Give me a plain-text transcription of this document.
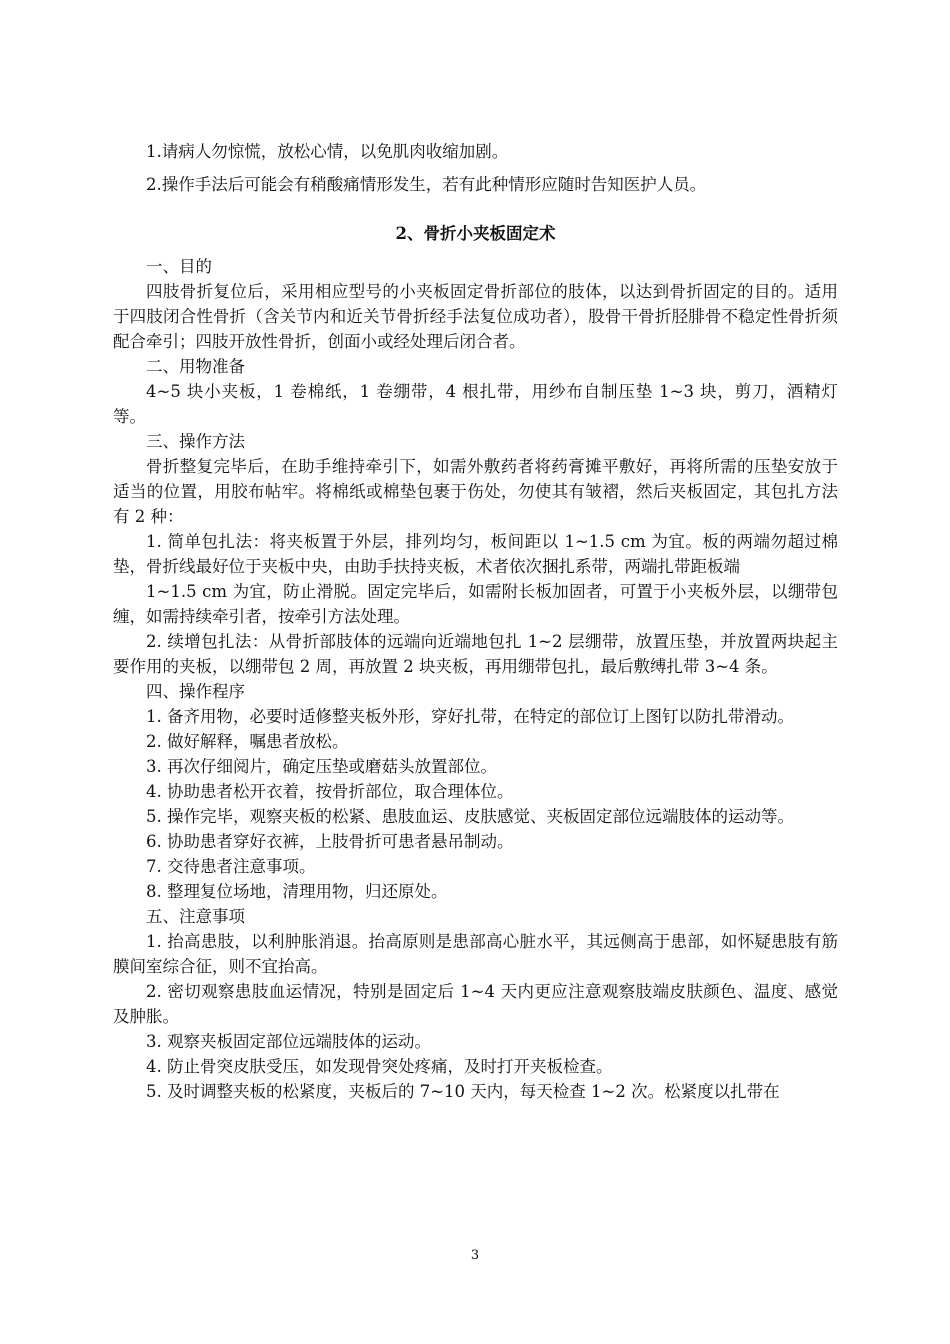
1.请病人勿惊慌，放松心情，以免肌肉收缩加剧。

2.操作手法后可能会有稍酸痛情形发生，若有此种情形应随时告知医护人员。

2、骨折小夹板固定术

一、目的

四肢骨折复位后，采用相应型号的小夹板固定骨折部位的肢体，以达到骨折固定的目的。适用于四肢闭合性骨折（含关节内和近关节骨折经手法复位成功者），股骨干骨折胫腓骨不稳定性骨折须配合牵引；四肢开放性骨折，创面小或经处理后闭合者。

二、用物准备

4~5 块小夹板，1 卷棉纸，1 卷绷带，4 根扎带，用纱布自制压垫 1~3 块，剪刀，酒精灯等。

三、操作方法

骨折整复完毕后，在助手维持牵引下，如需外敷药者将药膏摊平敷好，再将所需的压垫安放于适当的位置，用胶布帖牢。将棉纸或棉垫包裹于伤处，勿使其有皱褶，然后夹板固定，其包扎方法有 2 种：

1. 简单包扎法：将夹板置于外层，排列均匀，板间距以 1~1.5 cm 为宜。板的两端勿超过棉垫，骨折线最好位于夹板中央，由助手扶持夹板，术者依次捆扎系带，两端扎带距板端

1~1.5 cm 为宜，防止滑脱。固定完毕后，如需附长板加固者，可置于小夹板外层，以绷带包缠，如需持续牵引者，按牵引方法处理。

2. 续增包扎法：从骨折部肢体的远端向近端地包扎 1~2 层绷带，放置压垫，并放置两块起主要作用的夹板，以绷带包 2 周，再放置 2 块夹板，再用绷带包扎，最后敷缚扎带 3~4 条。

四、操作程序

1. 备齐用物，必要时适修整夹板外形，穿好扎带，在特定的部位订上图钉以防扎带滑动。

2. 做好解释，嘱患者放松。

3. 再次仔细阅片，确定压垫或磨菇头放置部位。

4. 协助患者松开衣着，按骨折部位，取合理体位。

5. 操作完毕，观察夹板的松紧、患肢血运、皮肤感觉、夹板固定部位远端肢体的运动等。

6. 协助患者穿好衣裤，上肢骨折可患者悬吊制动。

7. 交待患者注意事项。

8. 整理复位场地，清理用物，归还原处。

五、注意事项

1. 抬高患肢，以利肿胀消退。抬高原则是患部高心脏水平，其远侧高于患部，如怀疑患肢有筋膜间室综合征，则不宜抬高。

2. 密切观察患肢血运情况，特别是固定后 1~4 天内更应注意观察肢端皮肤颜色、温度、感觉及肿胀。

3. 观察夹板固定部位远端肢体的运动。

4. 防止骨突皮肤受压，如发现骨突处疼痛，及时打开夹板检查。

5. 及时调整夹板的松紧度，夹板后的 7~10 天内，每天检查 1~2 次。松紧度以扎带在

3
